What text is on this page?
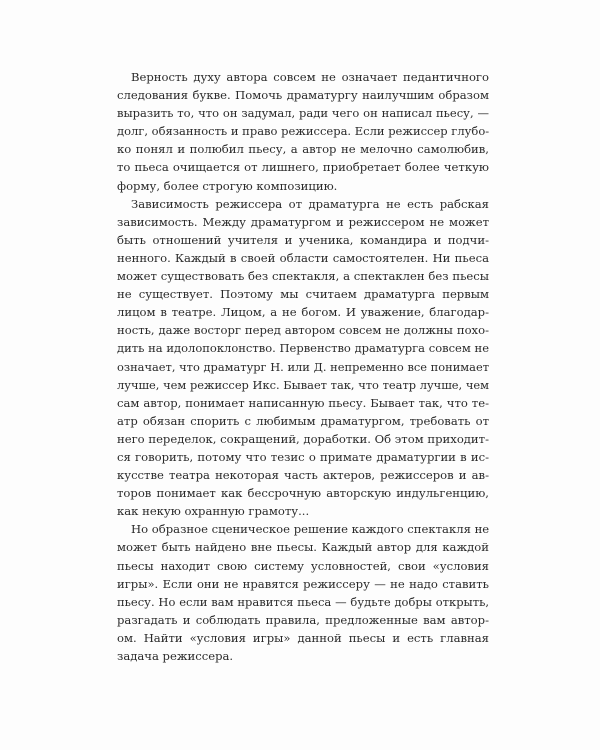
Верность духу автора совсем не означает педантичного
следования букве. Помочь драматургу наилучшим образом
выразить то, что он задумал, ради чего он написал пьесу, —
долг, обязанность и право режиссера. Если режиссер глубо-
ко понял и полюбил пьесу, а автор не мелочно самолюбив,
то пьеса очищается от лишнего, приобретает более четкую
форму, более строгую композицию.
Зависимость режиссера от драматурга не есть рабская
зависимость. Между драматургом и режиссером не может
быть отношений учителя и ученика, командира и подчи-
ненного. Каждый в своей области самостоятелен. Ни пьеса
может существовать без спектакля, а спектаклен без пьесы
не существует. Поэтому мы считаем драматурга первым
лицом в театре. Лицом, а не богом. И уважение, благодар-
ность, даже восторг перед автором совсем не должны похо-
дить на идолопоклонство. Первенство драматурга совсем не
означает, что драматург Н. или Д. непременно все понимает
лучше, чем режиссер Икс. Бывает так, что театр лучше, чем
сам автор, понимает написанную пьесу. Бывает так, что те-
атр обязан спорить с любимым драматургом, требовать от
него переделок, сокращений, доработки. Об этом приходит-
ся говорить, потому что тезис о примате драматургии в ис-
кусстве театра некоторая часть актеров, режиссеров и ав-
торов понимает как бессрочную авторскую индульгенцию,
как некую охранную грамоту...
Но образное сценическое решение каждого спектакля не
может быть найдено вне пьесы. Каждый автор для каждой
пьесы находит свою систему условностей, свои «условия
игры». Если они не нравятся режиссеру — не надо ставить
пьесу. Но если вам нравится пьеса — будьте добры открыть,
разгадать и соблюдать правила, предложенные вам автор-
ом. Найти «условия игры» данной пьесы и есть главная
задача режиссера.
